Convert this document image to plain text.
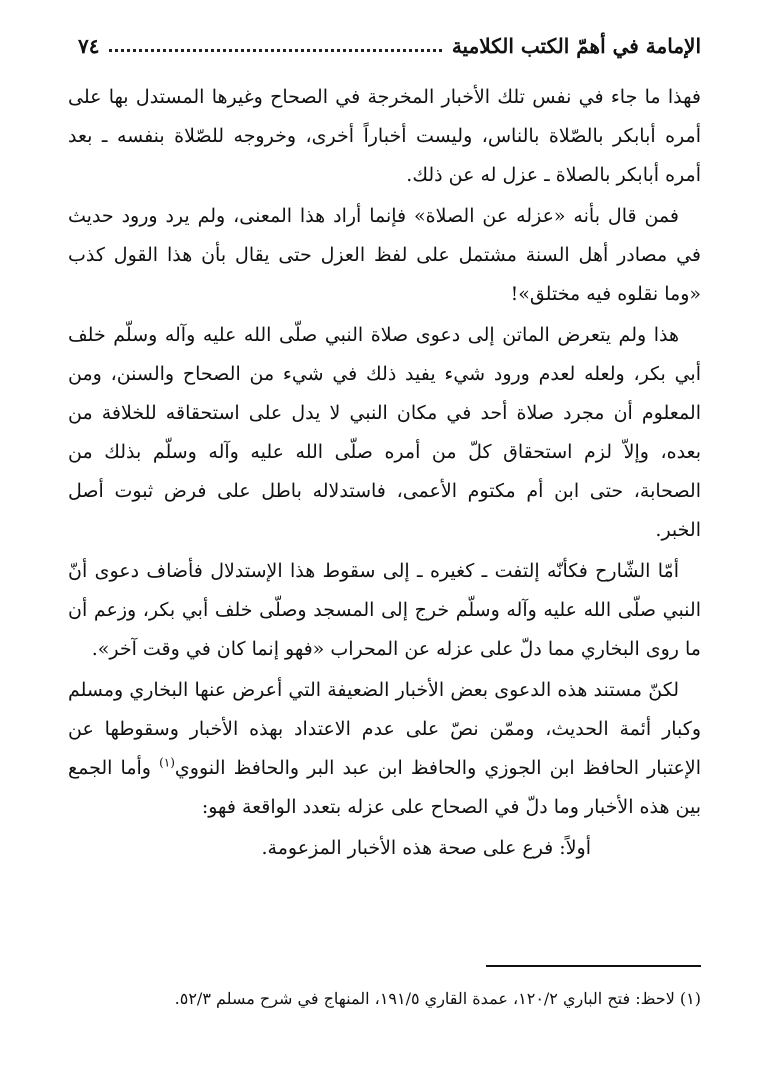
٧٤	الإمامة في أهمّ الكتب الكلامية

فهذا ما جاء في نفس تلك الأخبار المخرجة في الصحاح وغيرها المستدل بها على أمره أبابكر بالصّلاة بالناس، وليست أخباراً أخرى، وخروجه للصّلاة بنفسه ـ بعد أمره أبابكر بالصلاة ـ عزل له عن ذلك.

فمن قال بأنه «عزله عن الصلاة» فإنما أراد هذا المعنى، ولم يرد ورود حديث في مصادر أهل السنة مشتمل على لفظ العزل حتى يقال بأن هذا القول كذب «وما نقلوه فيه مختلق»!

هذا ولم يتعرض الماتن إلى دعوى صلاة النبي صلّى الله عليه وآله وسلّم خلف أبي بكر، ولعله لعدم ورود شيء يفيد ذلك في شيء من الصحاح والسنن، ومن المعلوم أن مجرد صلاة أحد في مكان النبي لا يدل على استحقاقه للخلافة من بعده، وإلاّ لزم استحقاق كلّ من أمره صلّى الله عليه وآله وسلّم بذلك من الصحابة، حتى ابن أم مكتوم الأعمى، فاستدلاله باطل على فرض ثبوت أصل الخبر.

أمّا الشّارح فكأنّه إلتفت ـ كغيره ـ إلى سقوط هذا الإستدلال فأضاف دعوى أنّ النبي صلّى الله عليه وآله وسلّم خرج إلى المسجد وصلّى خلف أبي بكر، وزعم أن ما روى البخاري مما دلّ على عزله عن المحراب «فهو إنما كان في وقت آخر».

لكنّ مستند هذه الدعوى بعض الأخبار الضعيفة التي أعرض عنها البخاري ومسلم وكبار أئمة الحديث، وممّن نصّ على عدم الاعتداد بهذه الأخبار وسقوطها عن الإعتبار الحافظ ابن الجوزي والحافظ ابن عبد البر والحافظ النووي$^{(١)}$ وأما الجمع بين هذه الأخبار وما دلّ في الصحاح على عزله بتعدد الواقعة فهو:

أولاً: فرع على صحة هذه الأخبار المزعومة.

(١) لاحظ: فتح الباري ١٢٠/٢، عمدة القاري ١٩١/٥، المنهاج في شرح مسلم ٥٢/٣.
